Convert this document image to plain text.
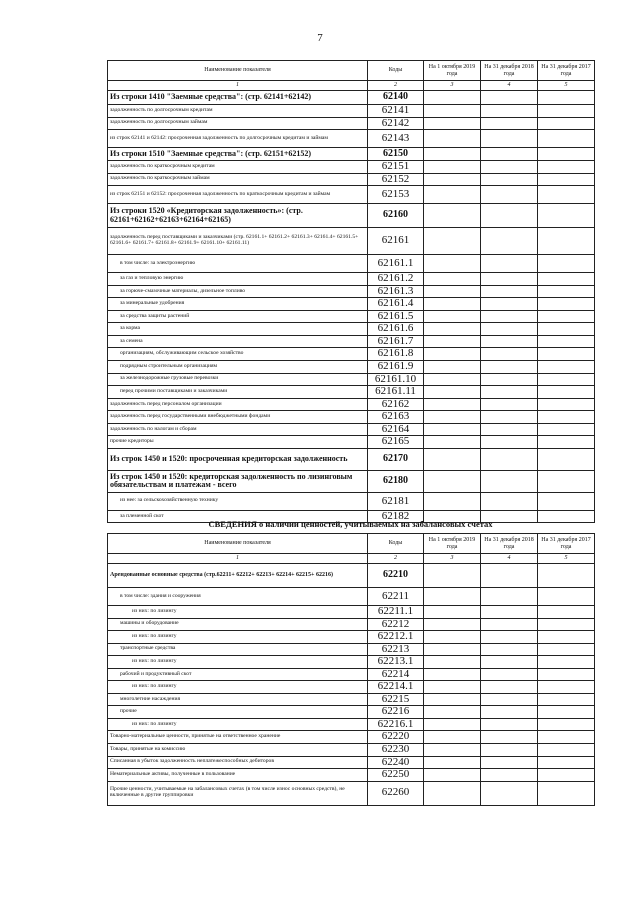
7
Наименование показателя	Коды	На 1 октября 2019 года	На 31 декабря 2018 года	На 31 декабря 2017 года
1	2	3	4	5
Из строки 1410 "Заемные средства": (стр. 62141+62142)	62140			
задолженность по долгосрочным кредитам	62141			
задолженность по долгосрочным займам	62142			
из строк 62141 и 62142: просроченная задолженность по долгосрочным кредитам и займам	62143			
Из строки 1510 "Заемные средства": (стр. 62151+62152)	62150			
задолженность по краткосрочным кредитам	62151			
задолженность по краткосрочным займам	62152			
из строк 62151 и 62152: просроченная задолженность по краткосрочным кредитам и займам	62153			
Из строки 1520 «Кредиторская задолженность»: (стр. 62161+62162+62163+62164+62165)	62160			
задолженность перед поставщиками и заказчиками (стр. 62161.1+ 62161.2+ 62161.3+ 62161.4+ 62161.5+ 62161.6+ 62161.7+ 62161.8+ 62161.9+ 62161.10+ 62161.11)	62161			
в том числе: за электроэнергию	62161.1			
за газ и тепловую энергию	62161.2			
за горюче-смазочные материалы, дизельное топливо	62161.3			
за минеральные удобрения	62161.4			
за средства защиты растений	62161.5			
за корма	62161.6			
за семена	62161.7			
организациям, обслуживающим сельское хозяйство	62161.8			
подрядным строительным организациям	62161.9			
за железнодорожные грузовые перевозки	62161.10			
перед прочими поставщиками и заказчиками	62161.11			
задолженность перед персоналом организации	62162			
задолженность перед государственными внебюджетными фондами	62163			
задолженность по налогам и сборам	62164			
прочие кредиторы	62165			
Из строк 1450 и 1520: просроченная кредиторская задолженность	62170			
Из строк 1450 и 1520: кредиторская задолженность по лизинговым обязательствам и платежам - всего	62180			
из нее: за сельскохозяйственную технику	62181			
за племенной скот	62182			
СВЕДЕНИЯ о наличии ценностей, учитываемых на забалансовых счетах
Наименование показателя	Коды	На 1 октября 2019 года	На 31 декабря 2018 года	На 31 декабря 2017 года
1	2	3	4	5
Арендованные основные средства (стр.62211+ 62212+ 62213+ 62214+ 62215+ 62216)	62210			
в том числе: здания и сооружения	62211			
из них: по лизингу	62211.1			
машины и оборудование	62212			
из них: по лизингу	62212.1			
транспортные средства	62213			
из них: по лизингу	62213.1			
рабочий и продуктивный скот	62214			
из них: по лизингу	62214.1			
многолетние насаждения	62215			
прочие	62216			
из них: по лизингу	62216.1			
Товарно-материальные ценности, принятые на ответственное хранение	62220			
Товары, принятые на комиссию	62230			
Списанная в убыток задолженность неплатежеспособных дебиторов	62240			
Нематериальные активы, полученные в пользование	62250			
Прочие ценности, учитываемые на забалансовых счетах (в том числе износ основных средств), не включенные в другие группировки	62260			
